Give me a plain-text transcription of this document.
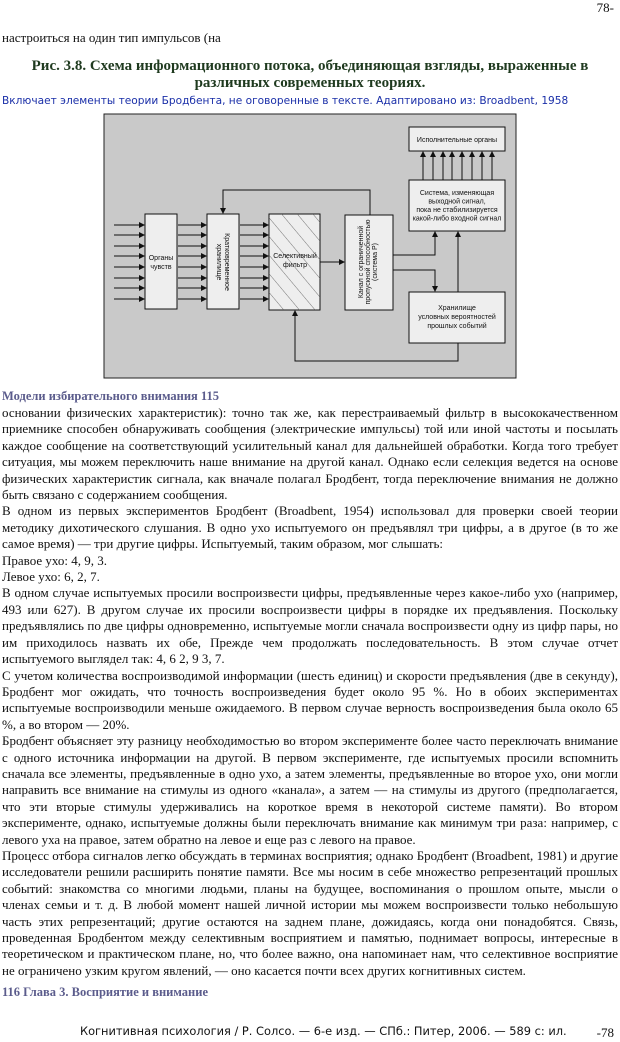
78-
настроиться на один тип импульсов (на
Рис. 3.8. Схема информационного потока, объединяющая взгляды, выраженные в различных современных теориях.
Включает элементы теории Бродбента, не оговоренные в тексте. Адаптировано из: Broadbent, 1958
Органы чувств	Кратковременноехранилище	Селективный фильтр	Канал с ограниченнойпропускной способностью(система P)
Исполнительные органы
Система, изменяющая выходной сигнал, пока не стабилизируется какой-либо входной сигнал
Хранилище условных вероятностей прошлых событий
Модели избирательного внимания 115

основании физических характеристик): точно так же, как перестраиваемый фильтр в высококачественном приемнике способен обнаруживать сообщения (электрические импульсы) той или иной частоты и посылать каждое сообщение на соответствующий усилительный канал для дальнейшей обработки. Когда того требует ситуация, мы можем переключить наше внимание на другой канал. Однако если селекция ведется на основе физических характеристик сигнала, как вначале полагал Бродбент, тогда переключение внимания не должно быть связано с содержанием сообщения.

В одном из первых экспериментов Бродбент (Broadbent, 1954) использовал для проверки своей теории методику дихотического слушания. В одно ухо испытуемого он предъявлял три цифры, а в другое (в то же самое время) — три другие цифры. Испытуемый, таким образом, мог слышать:

Правое ухо: 4, 9, 3.

Левое ухо: 6, 2, 7.

В одном случае испытуемых просили воспроизвести цифры, предъявленные через какое-либо ухо (например, 493 или 627). В другом случае их просили воспроизвести цифры в порядке их предъявления. Поскольку предъявлялись по две цифры одновременно, испытуемые могли сначала воспроизвести одну из цифр пары, но им приходилось назвать их обе, Прежде чем продолжать последовательность. В этом случае отчет испытуемого выглядел так: 4, 6 2, 9 3, 7.

С учетом количества воспроизводимой информации (шесть единиц) и скорости предъявления (две в секунду), Бродбент мог ожидать, что точность воспроизведения будет около 95 %. Но в обоих экспериментах испытуемые воспроизводили меньше ожидаемого. В первом случае верность воспроизведения была около 65 %, а во втором — 20%.

Бродбент объясняет эту разницу необходимостью во втором эксперименте более часто переключать внимание с одного источника информации на другой. В первом эксперименте, где испытуемых просили вспомнить сначала все элементы, предъявленные в одно ухо, а затем элементы, предъявленные во второе ухо, они могли направить все внимание на стимулы из одного «канала», а затем — на стимулы из другого (предполагается, что эти вторые стимулы удерживались на короткое время в некоторой системе памяти). Во втором эксперименте, однако, испытуемые должны были переключать внимание как минимум три раза: например, с левого уха на правое, затем обратно на левое и еще раз с левого на правое.

Процесс отбора сигналов легко обсуждать в терминах восприятия; однако Бродбент (Broadbent, 1981) и другие исследователи решили расширить понятие памяти. Все мы носим в себе множество репрезентаций прошлых событий: знакомства со многими людьми, планы на будущее, воспоминания о прошлом опыте, мысли о членах семьи и т. д. В любой момент нашей личной истории мы можем воспроизвести только небольшую часть этих репрезентаций; другие остаются на заднем плане, дожидаясь, когда они понадобятся. Связь, проведенная Бродбентом между селективным восприятием и памятью, поднимает вопросы, интересные в теоретическом и практическом плане, но, что более важно, она напоминает нам, что селективное восприятие не ограничено узким кругом явлений, — оно касается почти всех других когнитивных систем.

116 Глава 3. Восприятие и внимание
Когнитивная психология / Р. Солсо. — 6-е изд. — СПб.: Питер, 2006. — 589 с: ил. -78
